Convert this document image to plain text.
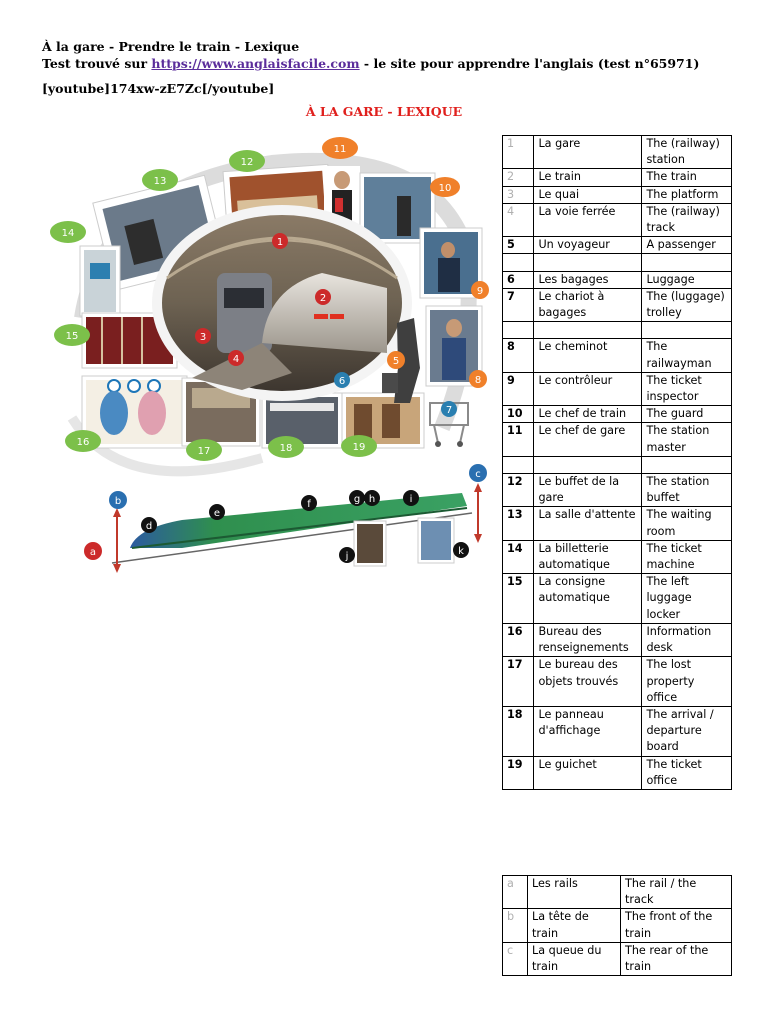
À la gare - Prendre le train - Lexique
Test trouvé sur https://www.anglaisfacile.com - le site pour apprendre l'anglais (test n°65971)
[youtube]174xw-zE7Zc[/youtube]
À LA GARE - LEXIQUE
1
2
3
4	5
6
7
8
9
10
11
12
13
14
15
16
17	18	19
a
b
c
d
e
f	g h	i
j	k
1	La gare	The (railway) station
2	Le train	The train
3	Le quai	The platform
4	La voie ferrée	The (railway) track
5	Un voyageur	A passenger

6	Les bagages	Luggage
7	Le chariot à bagages	The (luggage) trolley

8	Le cheminot	The railwayman
9	Le contrôleur	The ticket inspector
10	Le chef de train	The guard
11	Le chef de gare	The station master

12	Le buffet de la gare	The station buffet
13	La salle d'attente	The waiting room
14	La billetterie automatique	The ticket machine
15	La consigne automatique	The left luggage locker
16	Bureau des renseignements	Information desk
17	Le bureau des objets trouvés	The lost property office
18	Le panneau d'affichage	The arrival / departure board
19	Le guichet	The ticket office
a	Les rails	The rail / the track
b	La tête de train	The front of the train
c	La queue du train	The rear of the train
